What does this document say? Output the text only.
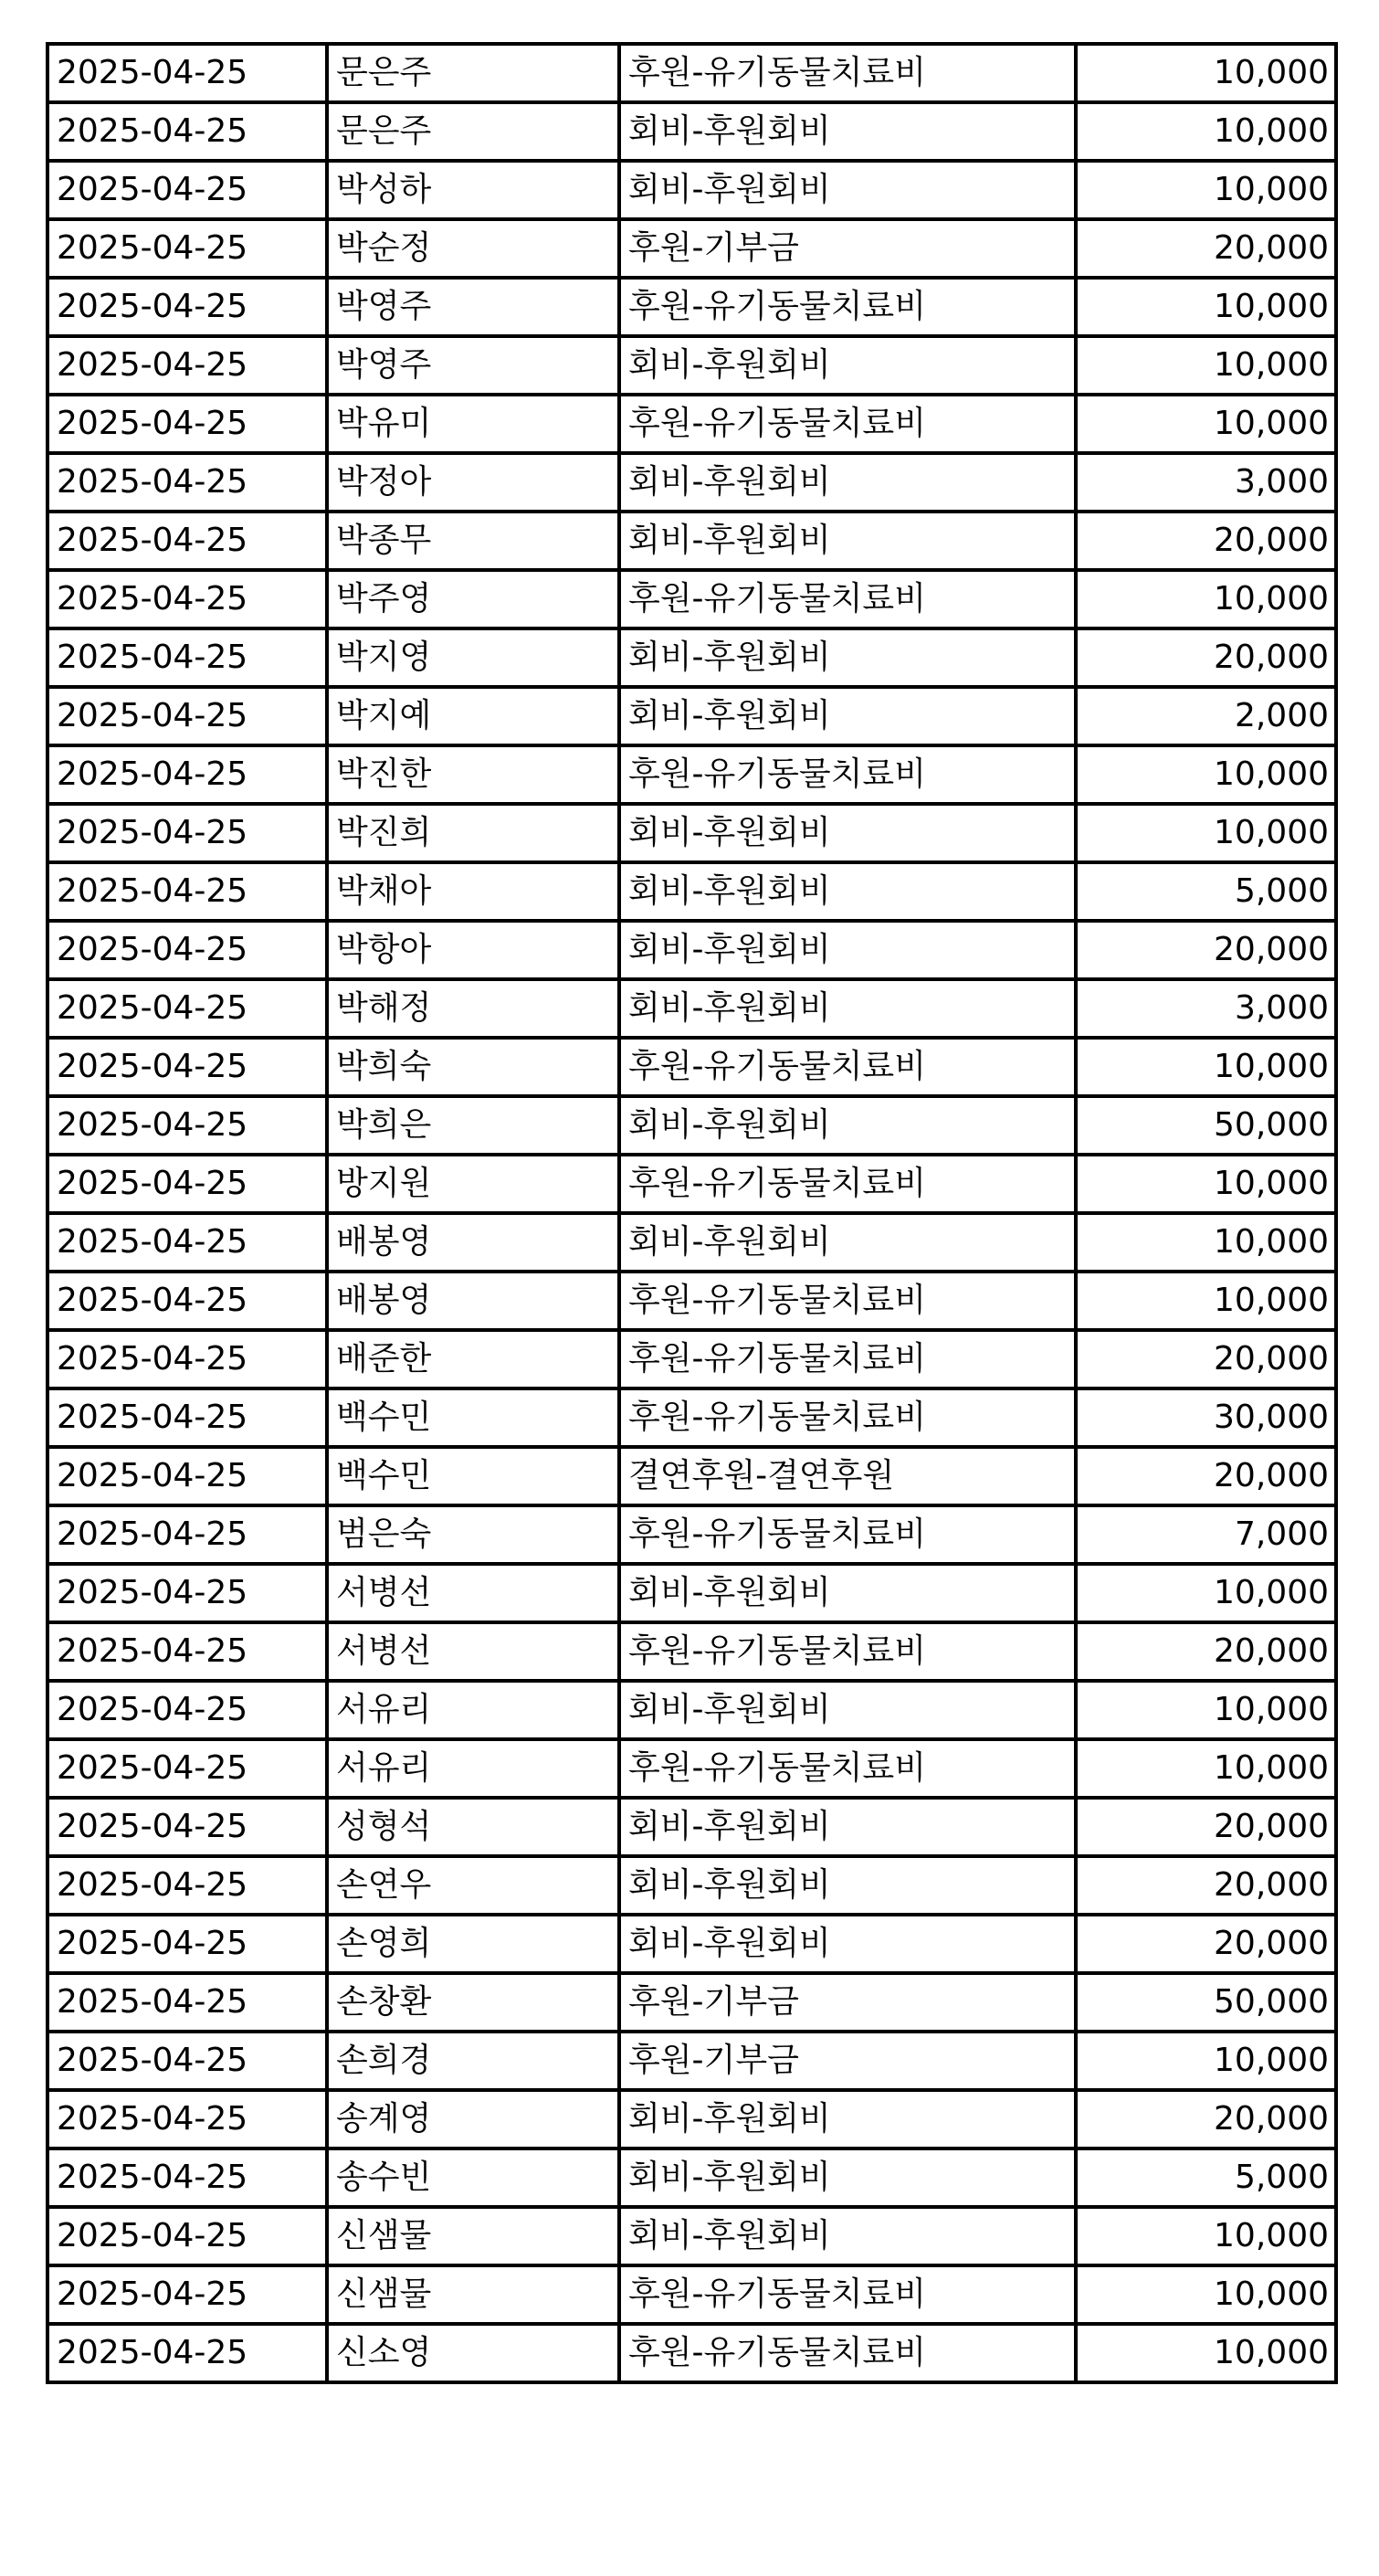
2025-04-25	문은주	후원-유기동물치료비	10,000
2025-04-25	문은주	회비-후원회비	10,000
2025-04-25	박성하	회비-후원회비	10,000
2025-04-25	박순정	후원-기부금	20,000
2025-04-25	박영주	후원-유기동물치료비	10,000
2025-04-25	박영주	회비-후원회비	10,000
2025-04-25	박유미	후원-유기동물치료비	10,000
2025-04-25	박정아	회비-후원회비	3,000
2025-04-25	박종무	회비-후원회비	20,000
2025-04-25	박주영	후원-유기동물치료비	10,000
2025-04-25	박지영	회비-후원회비	20,000
2025-04-25	박지예	회비-후원회비	2,000
2025-04-25	박진한	후원-유기동물치료비	10,000
2025-04-25	박진희	회비-후원회비	10,000
2025-04-25	박채아	회비-후원회비	5,000
2025-04-25	박항아	회비-후원회비	20,000
2025-04-25	박해정	회비-후원회비	3,000
2025-04-25	박희숙	후원-유기동물치료비	10,000
2025-04-25	박희은	회비-후원회비	50,000
2025-04-25	방지원	후원-유기동물치료비	10,000
2025-04-25	배봉영	회비-후원회비	10,000
2025-04-25	배봉영	후원-유기동물치료비	10,000
2025-04-25	배준한	후원-유기동물치료비	20,000
2025-04-25	백수민	후원-유기동물치료비	30,000
2025-04-25	백수민	결연후원-결연후원	20,000
2025-04-25	범은숙	후원-유기동물치료비	7,000
2025-04-25	서병선	회비-후원회비	10,000
2025-04-25	서병선	후원-유기동물치료비	20,000
2025-04-25	서유리	회비-후원회비	10,000
2025-04-25	서유리	후원-유기동물치료비	10,000
2025-04-25	성형석	회비-후원회비	20,000
2025-04-25	손연우	회비-후원회비	20,000
2025-04-25	손영희	회비-후원회비	20,000
2025-04-25	손창환	후원-기부금	50,000
2025-04-25	손희경	후원-기부금	10,000
2025-04-25	송계영	회비-후원회비	20,000
2025-04-25	송수빈	회비-후원회비	5,000
2025-04-25	신샘물	회비-후원회비	10,000
2025-04-25	신샘물	후원-유기동물치료비	10,000
2025-04-25	신소영	후원-유기동물치료비	10,000
